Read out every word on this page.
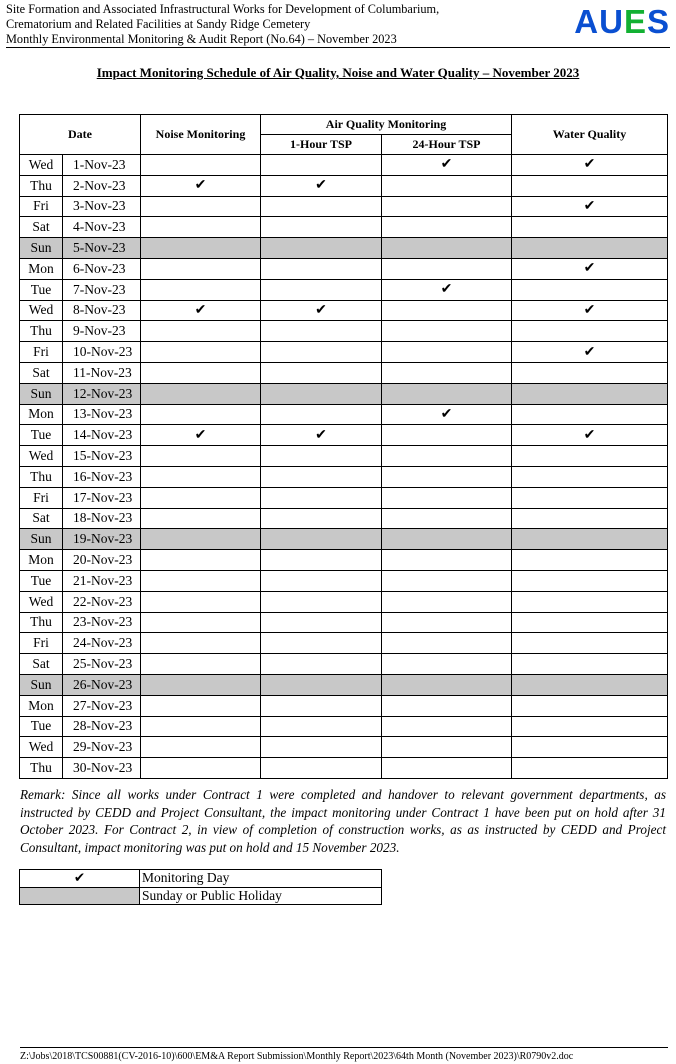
Site Formation and Associated Infrastructural Works for Development of Columbarium,
Crematorium and Related Facilities at Sandy Ridge Cemetery
Monthly Environmental Monitoring & Audit Report (No.64) – November 2023	AUES
Impact Monitoring Schedule of Air Quality, Noise and Water Quality – November 2023
Date		Noise Monitoring	Air Quality Monitoring		Water Quality
			1-Hour TSP	24-Hour TSP	
Wed	1-Nov-23			✔	✔
Thu	2-Nov-23	✔	✔		
Fri	3-Nov-23				✔
Sat	4-Nov-23				
Sun	5-Nov-23				
Mon	6-Nov-23				✔
Tue	7-Nov-23			✔	
Wed	8-Nov-23	✔	✔		✔
Thu	9-Nov-23				
Fri	10-Nov-23				✔
Sat	11-Nov-23				
Sun	12-Nov-23				
Mon	13-Nov-23			✔	
Tue	14-Nov-23	✔	✔		✔
Wed	15-Nov-23				
Thu	16-Nov-23				
Fri	17-Nov-23				
Sat	18-Nov-23				
Sun	19-Nov-23				
Mon	20-Nov-23				
Tue	21-Nov-23				
Wed	22-Nov-23				
Thu	23-Nov-23				
Fri	24-Nov-23				
Sat	25-Nov-23				
Sun	26-Nov-23				
Mon	27-Nov-23				
Tue	28-Nov-23				
Wed	29-Nov-23				
Thu	30-Nov-23				
Remark: Since all works under Contract 1 were completed and handover to relevant government departments, as instructed by CEDD and Project Consultant, the impact monitoring under Contract 1 have been put on hold after 31 October 2023. For Contract 2, in view of completion of construction works, as as instructed by CEDD and Project Consultant, impact monitoring was put on hold and 15 November 2023.
✔	Monitoring Day
	Sunday or Public Holiday
Z:\Jobs\2018\TCS00881(CV-2016-10)\600\EM&A Report Submission\Monthly Report\2023\64th Month (November 2023)\R0790v2.doc
